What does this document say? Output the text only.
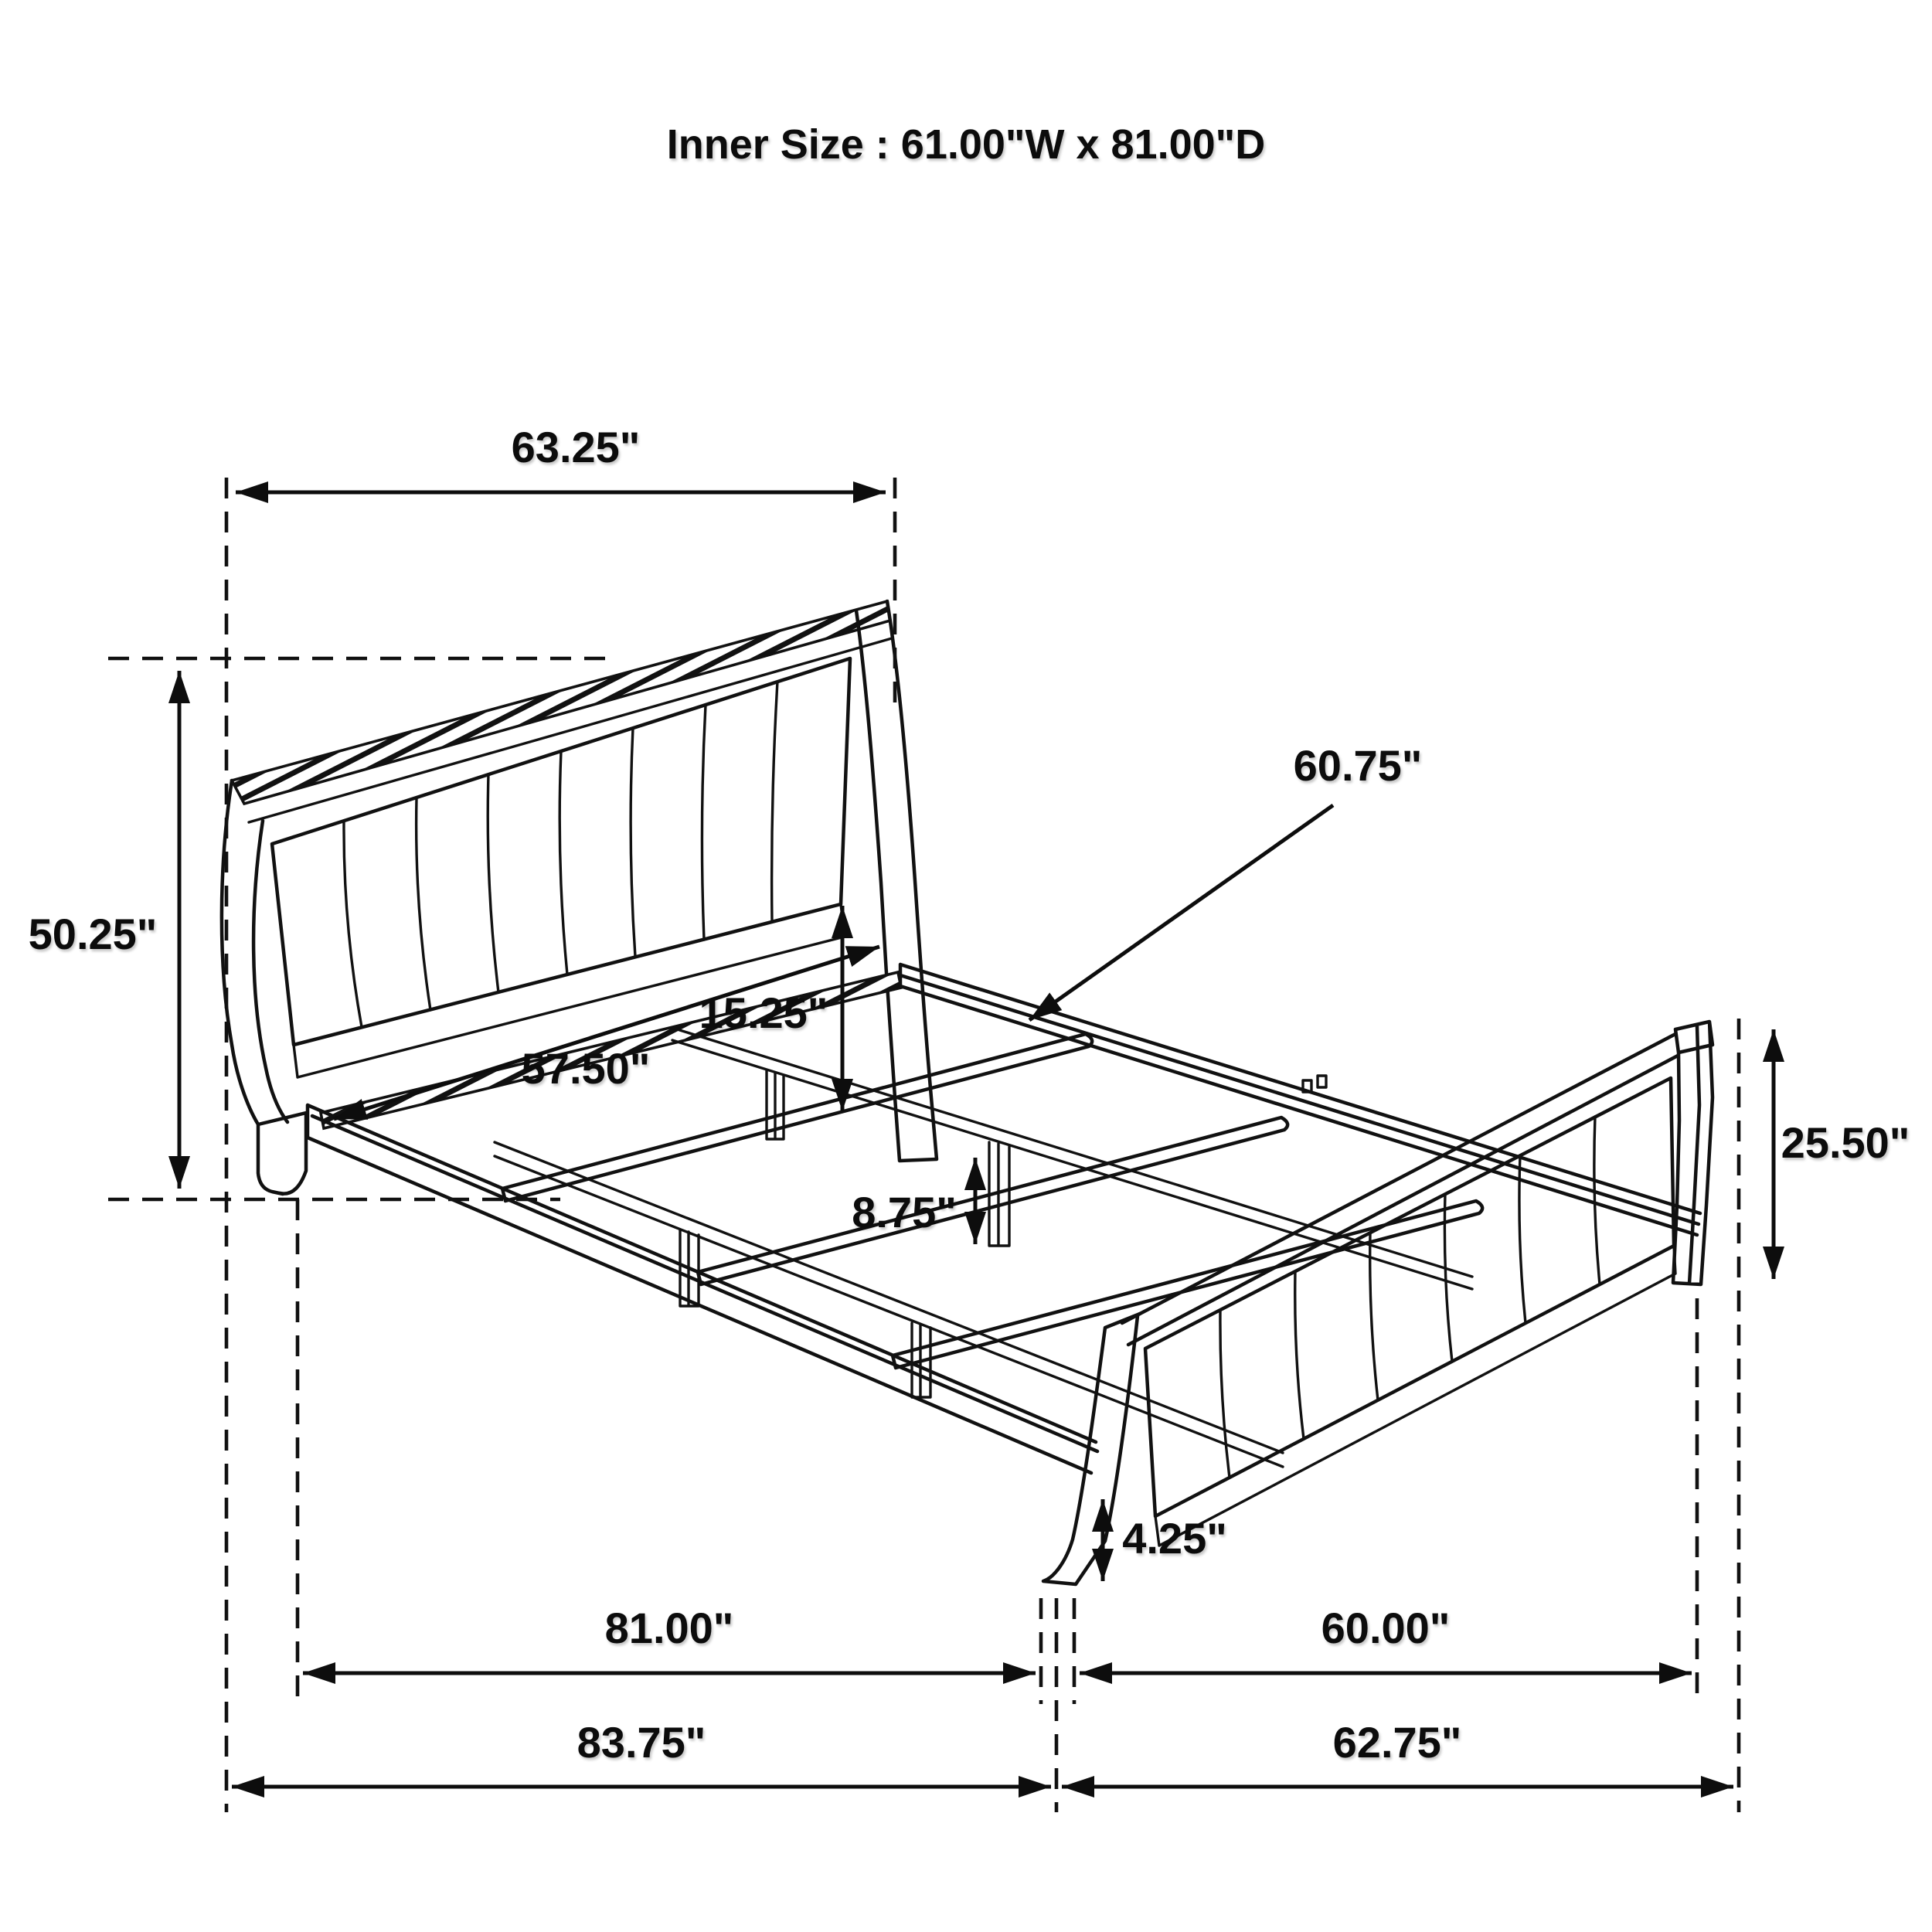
Inner Size : 61.00"W x 81.00"D
63.25"
50.25"
57.50"
15.25"
60.75"
25.50"
8.75"
4.25"
81.00"	60.00"
83.75"	62.75"
